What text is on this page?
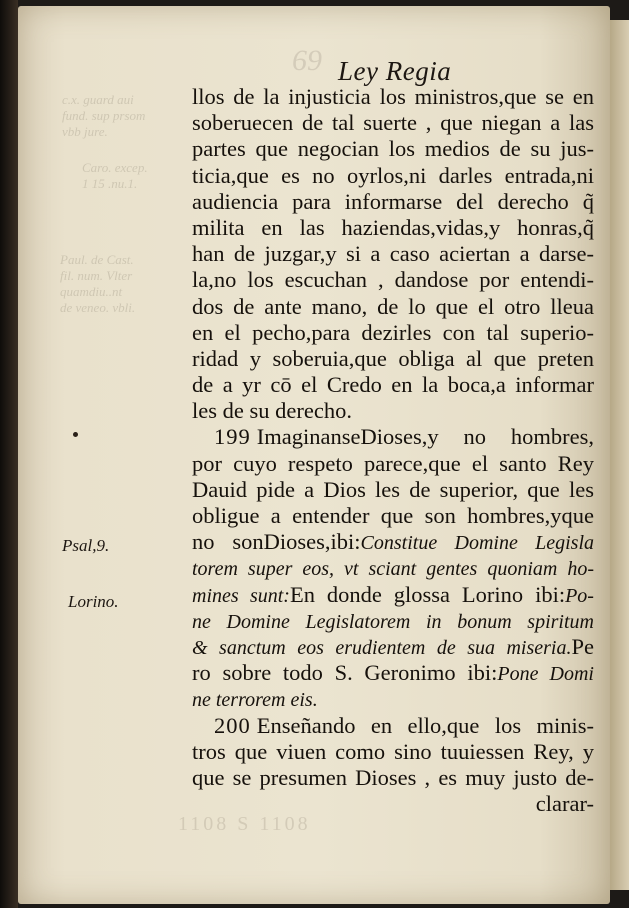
69 Ley Regia
c.x. guard aui
fund. sup prsom
vbb jure.
Caro. excep.
1 15 .nu.1.
Paul. de Cast.
fil. num. Vlter
quamdiu..nt
de veneo. vbli.
1108 S 1108
Psal,9.
Lorino.
llos de la injusticia los ministros,que se en
soberuecen de tal suerte , que niegan a las
partes que negocian los medios de su jus-
ticia,que es no oyrlos,ni darles entrada,ni
audiencia para informarse del derecho q̃
milita en las haziendas,vidas,y honras,q̃
han de juzgar,y si a caso aciertan a darse-
la,no los escuchan , dandose por entendi-
dos de ante mano, de lo que el otro lleua
en el pecho,para dezirles con tal superio-
ridad y soberuia,que obliga al que preten
de a yr cō el Credo en la boca,a informar
les de su derecho.
199 ImaginanseDioses,y no hombres,
por cuyo respeto parece,que el santo Rey
Dauid pide a Dios les de superior, que les
obligue a entender que son hombres,yque
no sonDioses,ibi:Constitue Domine Legisla
torem super eos, vt sciant gentes quoniam ho-
mines sunt:En donde glossa Lorino ibi:Po-
ne Domine Legislatorem in bonum spiritum
& sanctum eos erudientem de sua miseria.Pe
ro sobre todo S. Geronimo ibi:Pone Domi
ne terrorem eis.
200 Enseñando en ello,que los minis-
tros que viuen como sino tuuiessen Rey, y
que se presumen Dioses , es muy justo de-
clarar-
